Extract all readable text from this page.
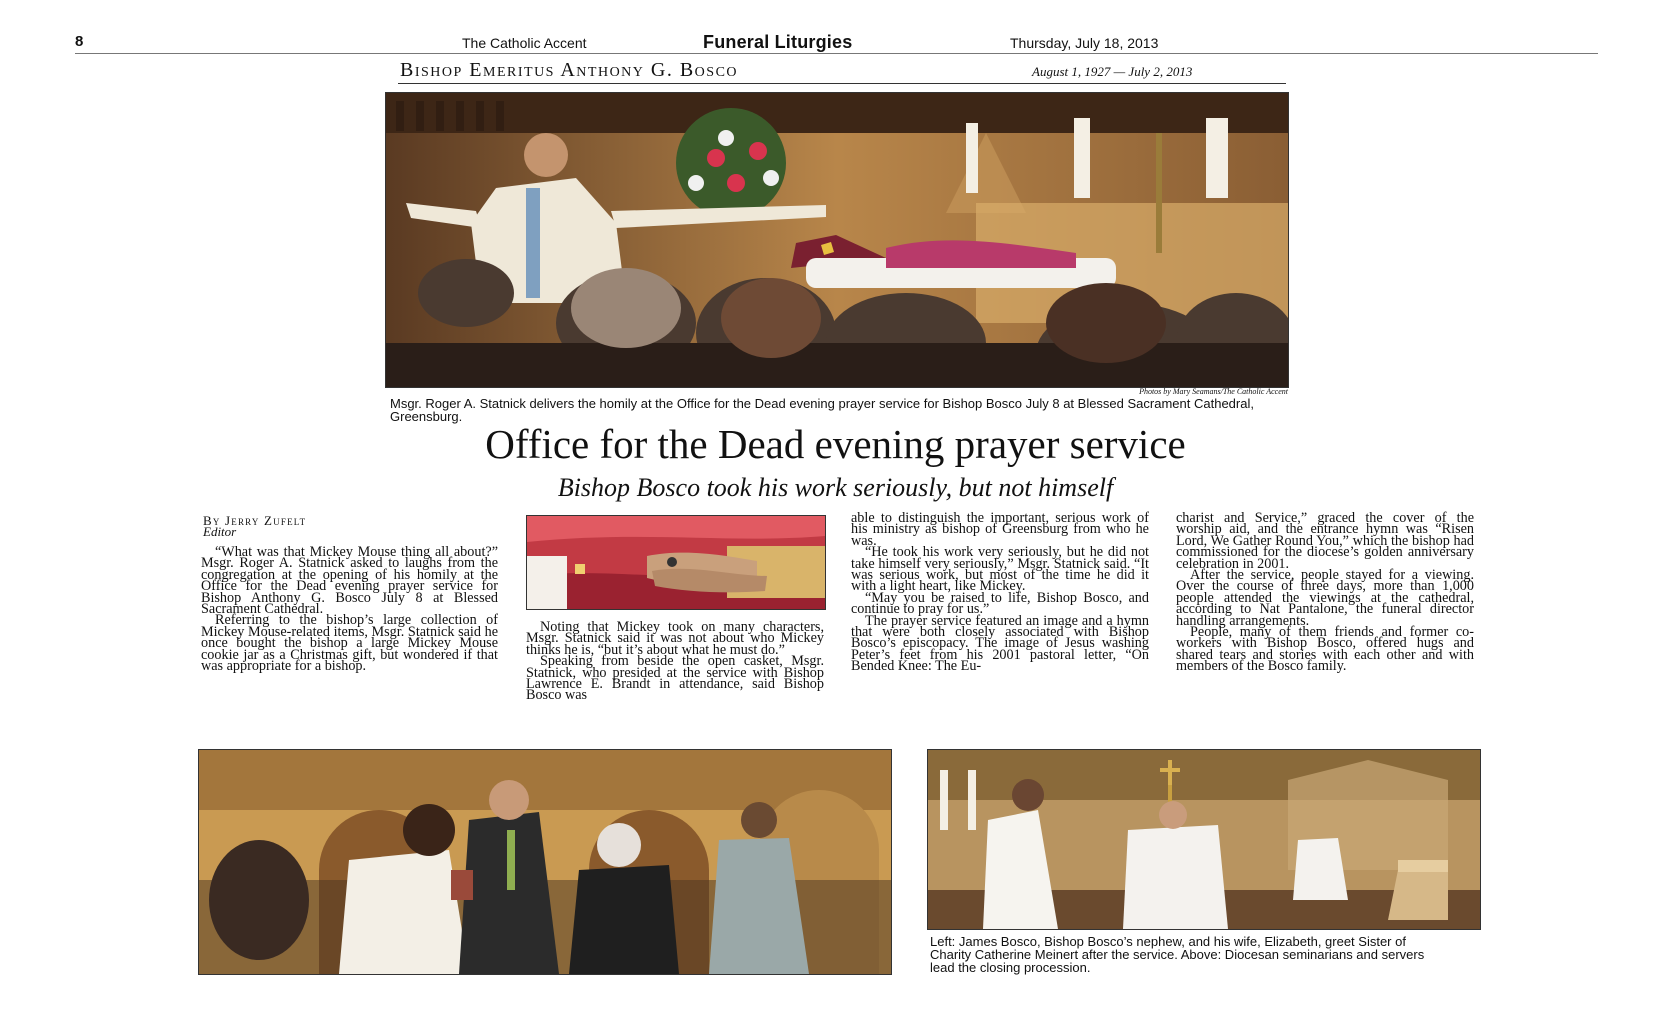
8	The Catholic Accent	Funeral Liturgies	Thursday, July 18, 2013
Bishop Emeritus Anthony G. Bosco	August 1, 1927 — July 2, 2013
Photos by Mary Seamans/The Catholic Accent
Msgr. Roger A. Statnick delivers the homily at the Office for the Dead evening prayer service for Bishop Bosco July 8 at Blessed Sacrament Cathedral, Greensburg.
Office for the Dead evening prayer service
Bishop Bosco took his work seriously, but not himself
By Jerry Zufelt
Editor

“What was that Mickey Mouse thing all about?” Msgr. Roger A. Statnick asked to laughs from the congregation at the opening of his homily at the Office for the Dead evening prayer service for Bishop Anthony G. Bosco July 8 at Blessed Sacrament Cathedral.

Referring to the bishop’s large collection of Mickey Mouse-related items, Msgr. Statnick said he once bought the bishop a large Mickey Mouse cookie jar as a Christmas gift, but wondered if that was appropriate for a bishop.

Noting that Mickey took on many characters, Msgr. Statnick said it was not about who Mickey thinks he is, “but it’s about what he must do.”

Speaking from beside the open casket, Msgr. Statnick, who presided at the service with Bishop Lawrence E. Brandt in attendance, said Bishop Bosco was

able to distinguish the important, serious work of his ministry as bishop of Greensburg from who he was.

“He took his work very seriously, but he did not take himself very seriously,” Msgr. Statnick said. “It was serious work, but most of the time he did it with a light heart, like Mickey.

“May you be raised to life, Bishop Bosco, and continue to pray for us.”

The prayer service featured an image and a hymn that were both closely associated with Bishop Bosco’s episcopacy. The image of Jesus washing Peter’s feet from his 2001 pastoral letter, “On Bended Knee: The Eu-

charist and Service,” graced the cover of the worship aid, and the entrance hymn was “Risen Lord, We Gather Round You,” which the bishop had commissioned for the diocese’s golden anniversary celebration in 2001.

After the service, people stayed for a viewing. Over the course of three days, more than 1,000 people attended the viewings at the cathedral, according to Nat Pantalone, the funeral director handling arrangements.

People, many of them friends and former co-workers with Bishop Bosco, offered hugs and shared tears and stories with each other and with members of the Bosco family.

Left: James Bosco, Bishop Bosco’s nephew, and his wife, Elizabeth, greet Sister of Charity Catherine Meinert after the service. Above: Diocesan seminarians and servers lead the closing procession.
